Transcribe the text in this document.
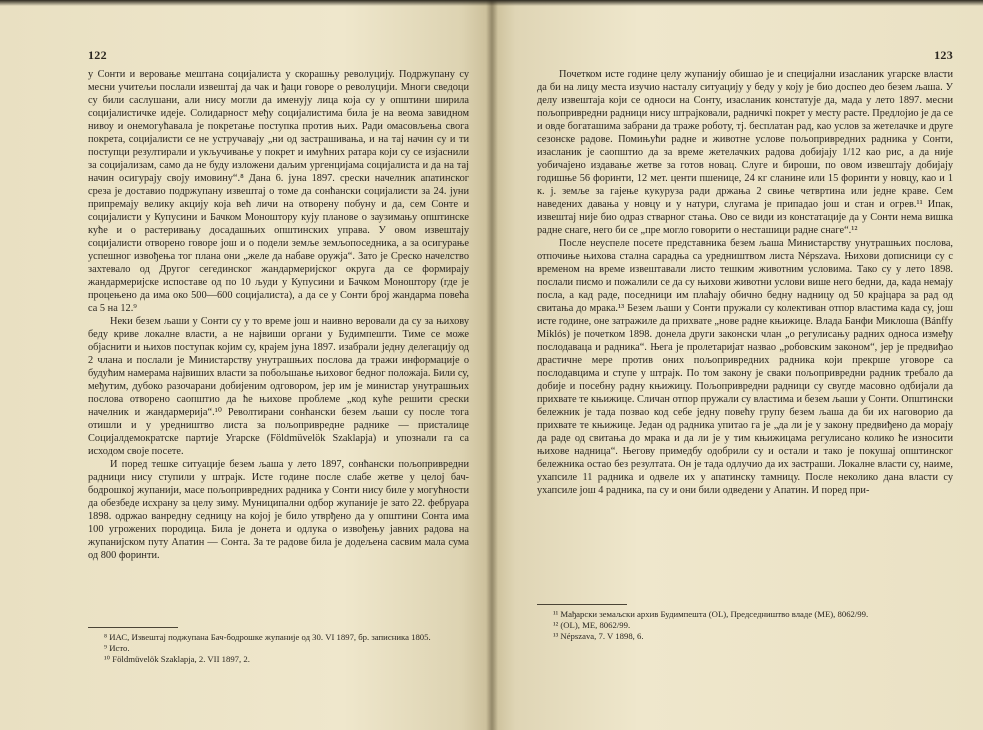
122

у Сонти и веровање мештана социјалиста у скорашњу револуцију. Подржупану су месни учитељи послали извештај да чак и ђаци говоре о револуцији. Многи сведоци су били саслушани, али нису могли да именују лица која су у општини ширила социјалистичке идеје. Солидарност међу социјалистима била је на веома завидном нивоу и онемогућавала је покретање поступка против њих. Ради омасовљења свога покрета, социјалисти се не устручавају „ни од застрашивања, и на тај начин су и ти поступци резултирали и укључивање у покрет и имућних ратара који су се изјаснили за социјализам, само да не буду изложени даљим ургенцијама социјалиста и да на тај начин осигурају своју имовину“.⁸ Дана 6. јуна 1897. срески начелник апатинског среза је доставио подржупану извештај о томе да сонћански социјалисти за 24. јуни припремају велику акцију која већ личи на отворену побуну и да, сем Сонте и социјалисти у Купусини и Бачком Моноштору кују планове о заузимању општинске куће и о растеривању досадашњих општинских управа. У овом извештају социјалисти отворено говоре још и о подели земље земљопоседника, а за осигурање успешног извођења тог плана они „желе да набаве оружја“. Зато је Среско начелство захтевало од Другог сегединског жандармеријског округа да се формирају жандармеријске испоставе од по 10 људи у Купусини и Бачком Моноштору (где је процењено да има око 500—600 социјалиста), а да се у Сонти број жандарма повећа са 5 на 12.⁹

Неки безем љаши у Сонти су у то време још и наивно веровали да су за њихову беду криве локалне власти, а не највиши органи у Будимпешти. Тиме се може објаснити и њихов поступак којим су, крајем јуна 1897. изабрали једну делегацију од 2 члана и послали је Министарству унутрашњих послова да тражи информације о будућим намерама највиших власти за побољшање њиховог бедног положаја. Били су, међутим, дубоко разочарани добијеним одговором, јер им је министар унутрашњих послова отворено саопштио да ће њихове проблеме „код куће решити срески начелник и жандармерија“.¹⁰ Револтирани сонћански безем љаши су после тога отишли и у уредништво листа за пољопривредне раднике — присталице Социјалдемократске партије Угарске (Földmüvelök Szaklapja) и упознали га са исходом своје посете.

И поред тешке ситуације безем љаша у лето 1897, сонћански пољопривредни радници нису ступили у штрајк. Исте године после слабе жетве у целој бач-бодрошкој жупанији, масе пољопривредних радника у Сонти нису биле у могућности да обезбеде исхрану за целу зиму. Муниципални одбор жупаније је зато 22. фебруара 1898. одржао ванредну седницу на којој је било утврђено да у општини Сонта има 100 угрожених породица. Била је донета и одлука о извођењу јавних радова на жупанијском путу Апатин — Сонта. За те радове била је додељена сасвим мала сума од 800 форинти.

⁸ ИАС, Извештај поджупана Бач-бодрошке жупаније од 30. VI 1897, бр. записника 1805.
⁹ Исто.
¹⁰ Földmüvelök Szaklapja, 2. VII 1897, 2.
123

Почетком исте године целу жупанију обишао је и специјални изасланик угарске власти да би на лицу места изучио насталу ситуацију у беду у коју је био доспео део безем љаша. У делу извештаја који се односи на Сонту, изасланик констатује да, мада у лето 1897. месни пољопривредни радници нису штрајковали, радничкi покрет у месту расте. Предлојио је да се и овде богаташима забрани да траже роботу, тј. бесплатан рад, као услов за жетелачке и друге сезонске радове. Помињући радне и животне услове пољопривредних радника у Сонти, изасланик је саопштио да за време жетелачких радова добијају 1/12 као рис, а да није уобичајено издавање жетве за готов новац. Слуге и бироши, по овом извештају добијају годишње 56 форинти, 12 мет. центи пшенице, 24 кг сланине или 15 форинти у новцу, као и 1 к. ј. земље за гајење кукуруза ради држања 2 свиње четвртина или једне краве. Сем наведених давања у новцу и у натури, слугама је припадао још и стан и огрев.¹¹ Ипак, извештај није био одраз стварног стања. Ово се види из констатације да у Сонти нема вишка радне снаге, него би се „пре могло говорити о несташици радне снаге“.¹²

После неуспеле посете представника безем љаша Министарству унутрашњих послова, отпочиње њихова стална сарадња са уредништвом листа Népszava. Њихови дописници су с временом на време извештавали листо тешким животним условима. Тако су у лето 1898. послали писмо и пожалили се да су њихови животни услови више него бедни, да, када немају посла, а кад раде, поседници им плаћају обично бедну надницу од 50 крајцара за рад од свитања до мрака.¹³ Безем љаши у Сонти пружали су колективан отпор властима када су, још исте године, оне затражиле да прихвате „нове радне књижице. Влада Банфи Миклоша (Bánffy Miklós) је почетком 1898. донела други законски члан „о регулисању радних односа између послодаваца и радника“. Њега је пролетаријат назвао „робовским законом“, јер је предвиђао драстичне мере против оних пољопривредних радника који прекрше уговоре са послодавцима и ступе у штрајк. По том закону је сваки пољопривредни радник требало да добије и посебну радну књижицу. Пољопривредни радници су свугде масовно одбијали да прихвате те књижице. Сличан отпор пружали су властима и безем љаши у Сонти. Општински бележник је тада позвао код себе једну повећу групу безем љаша да би их наговорио да прихвате те књижице. Један од радника упитао га је „да ли је у закону предвиђено да морају да раде од свитања до мрака и да ли је у тим књижицама регулисано колико ће износити њихове надница“. Његову примедбу одобрили су и остали и тако је покушај општинског бележника остао без резултата. Он је тада одлучио да их застраши. Локалне власти су, наиме, ухапсиле 11 радника и одвеле их у апатинску тамницу. После неколико дана власти су ухапсиле још 4 радника, па су и они били одведени у Апатин. И поред при-

¹¹ Мађарски земаљски архив Будимпешта (OL), Председништво владе (ME), 8062/99.
¹² (OL), ME, 8062/99.
¹³ Népszava, 7. V 1898, 6.
